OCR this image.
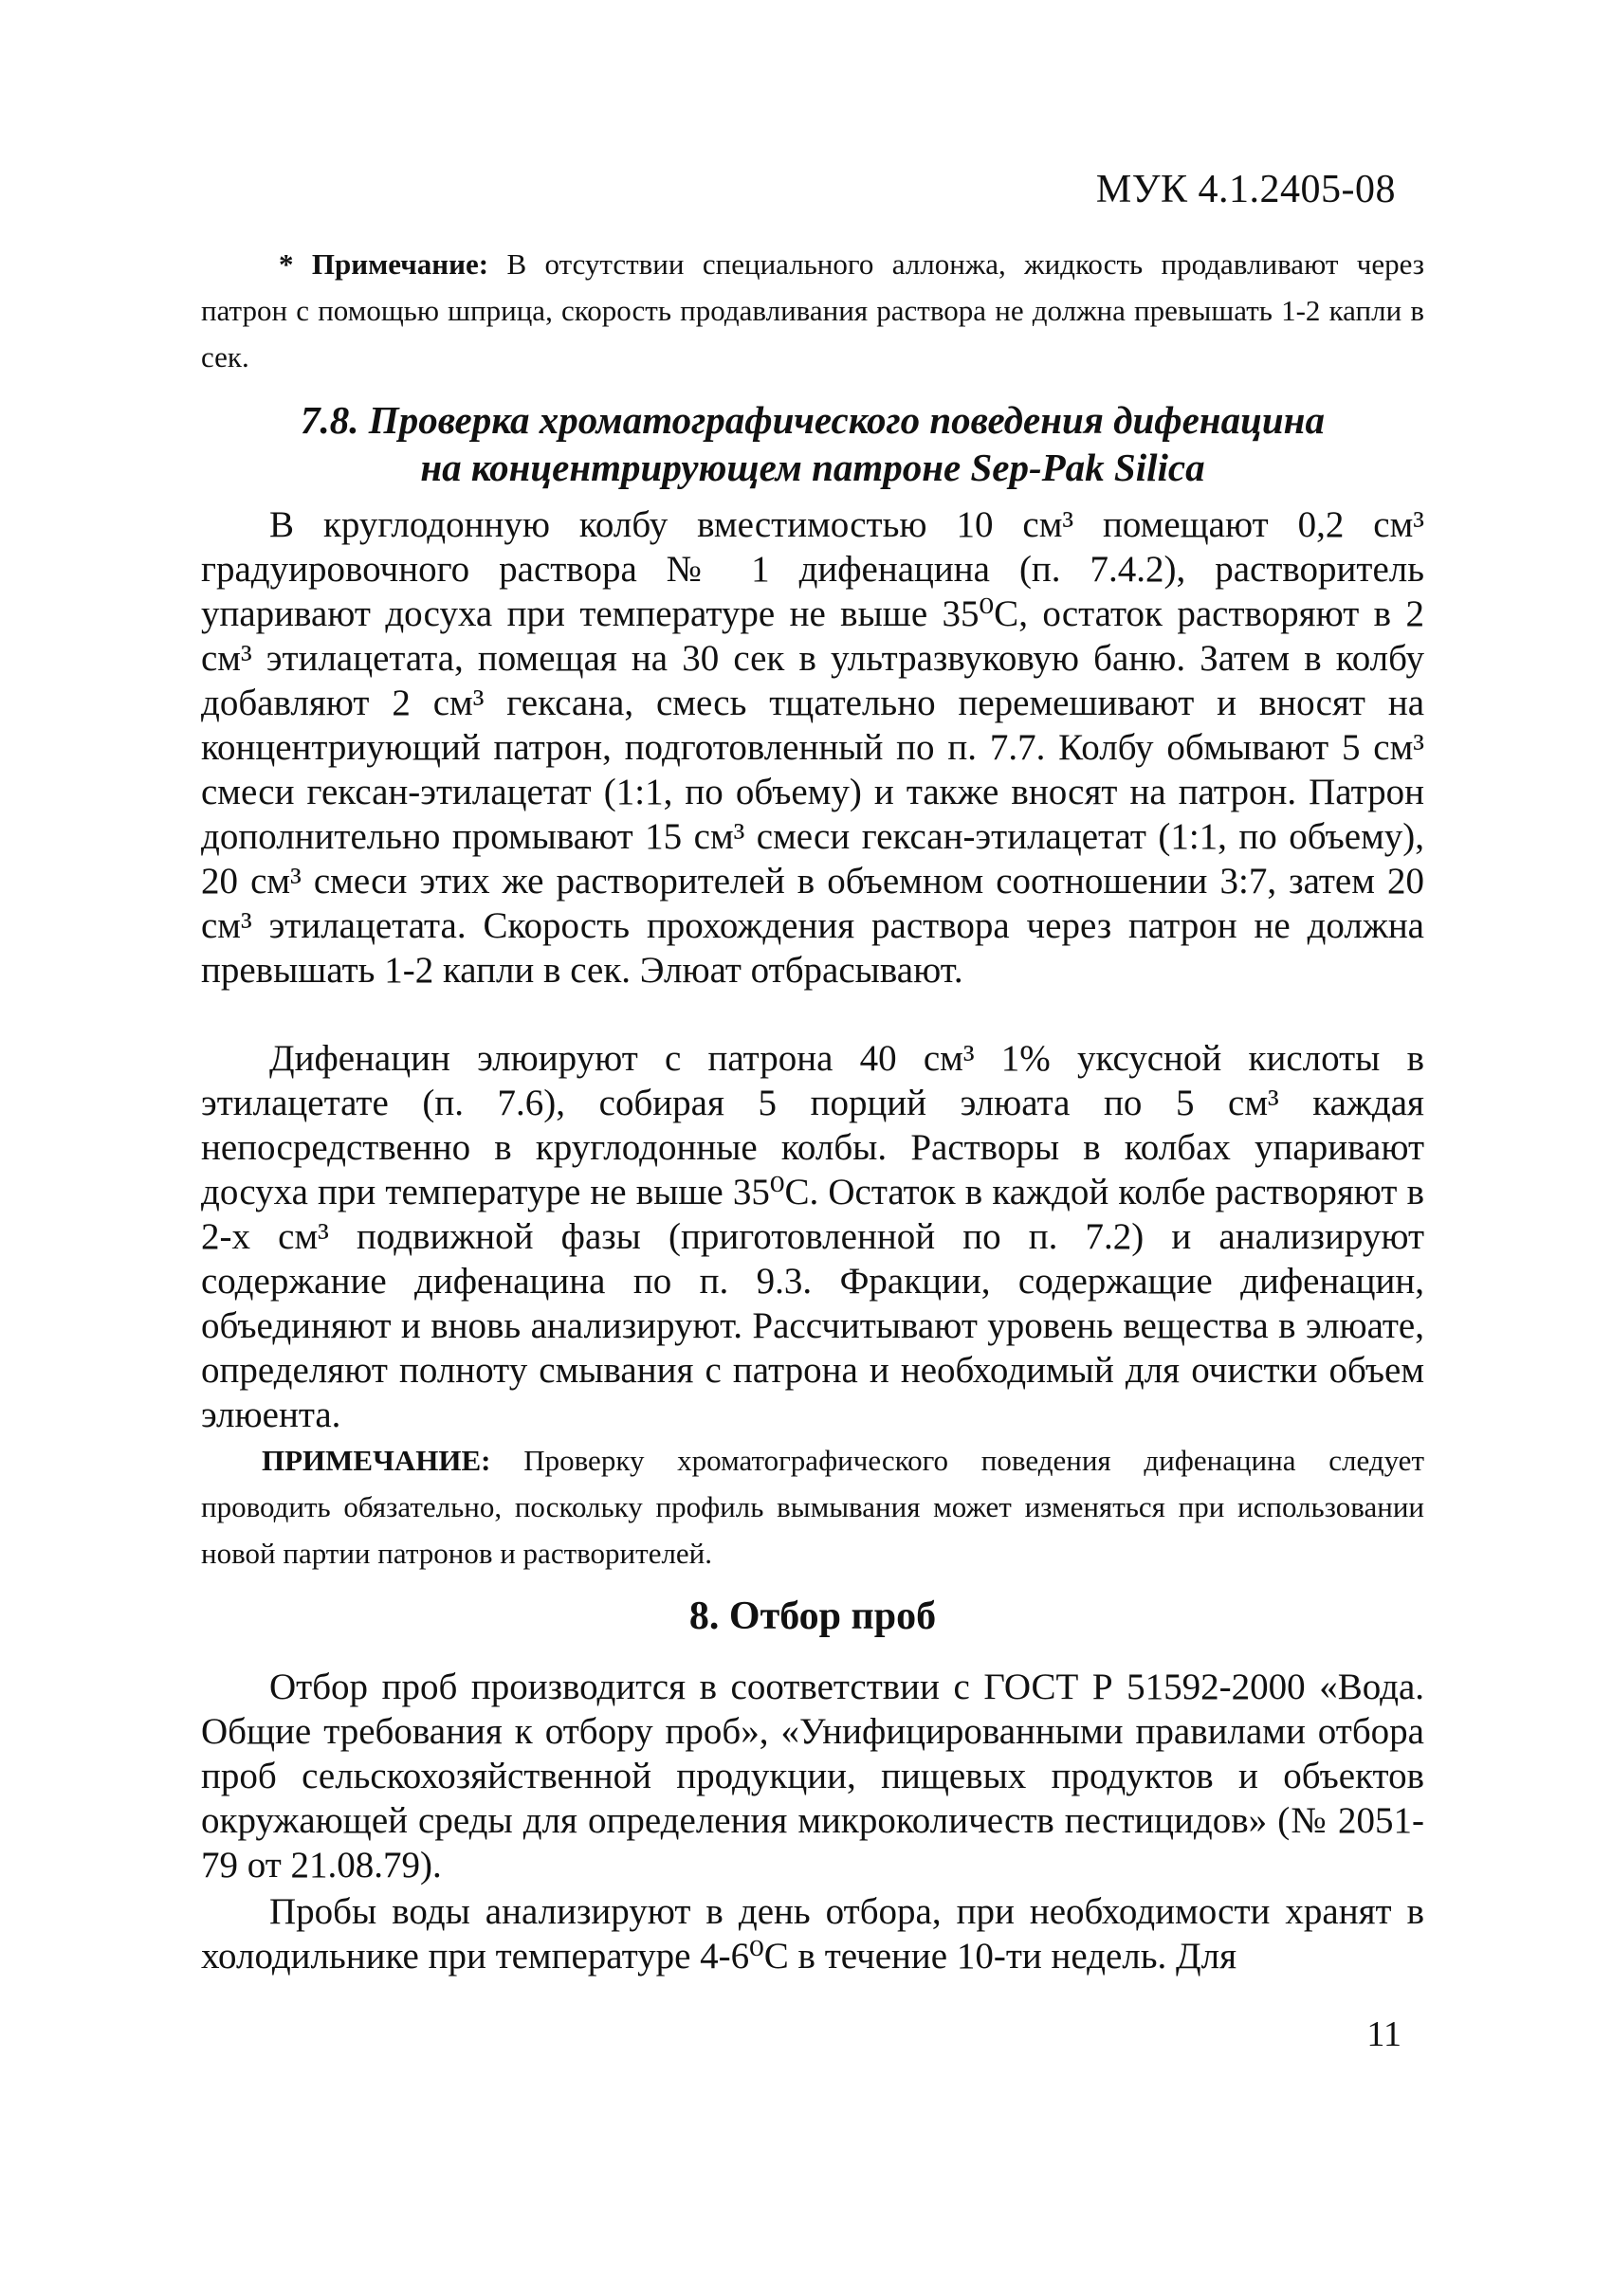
МУК 4.1.2405-08
* Примечание: В отсутствии специального аллонжа, жидкость продавливают через патрон с помощью шприца, скорость продавливания раствора не должна превышать 1-2 капли в сек.
7.8. Проверка хроматографического поведения дифенацина
на концентрирующем патроне Sep-Pak Silica
В круглодонную колбу вместимостью 10 см³ помещают 0,2 см³ градуировочного раствора № 1 дифенацина (п. 7.4.2), растворитель упаривают досуха при температуре не выше 35⁰С, остаток растворяют в 2 см³ этилацетата, помещая на 30 сек в ультразвуковую баню. Затем в колбу добавляют 2 см³ гексана, смесь тщательно перемешивают и вносят на концентриующий патрон, подготовленный по п. 7.7. Колбу обмывают 5 см³ смеси гексан-этилацетат (1:1, по объему) и также вносят на патрон. Патрон дополнительно промывают 15 см³ смеси гексан-этилацетат (1:1, по объему), 20 см³ смеси этих же растворителей в объемном соотношении 3:7, затем 20 см³ этилацетата. Скорость прохождения раствора через патрон не должна превышать 1-2 капли в сек. Элюат отбрасывают.
Дифенацин элюируют с патрона 40 см³ 1% уксусной кислоты в этилацетате (п. 7.6), собирая 5 порций элюата по 5 см³ каждая непосредственно в круглодонные колбы. Растворы в колбах упаривают досуха при температуре не выше 35⁰С. Остаток в каждой колбе растворяют в 2-х см³ подвижной фазы (приготовленной по п. 7.2) и анализируют содержание дифенацина по п. 9.3. Фракции, содержащие дифенацин, объединяют и вновь анализируют. Рассчитывают уровень вещества в элюате, определяют полноту смывания с патрона и необходимый для очистки объем элюента.
ПРИМЕЧАНИЕ: Проверку хроматографического поведения дифенацина следует проводить обязательно, поскольку профиль вымывания может изменяться при использовании новой партии патронов и растворителей.
8. Отбор проб
Отбор проб производится в соответствии с ГОСТ Р 51592-2000 «Вода. Общие требования к отбору проб», «Унифицированными правилами отбора проб сельскохозяйственной продукции, пищевых продуктов и объектов окружающей среды для определения микроколичеств пестицидов» (№ 2051-79 от 21.08.79).
Пробы воды анализируют в день отбора, при необходимости хранят в холодильнике при температуре 4-6⁰С в течение 10-ти недель. Для
11
